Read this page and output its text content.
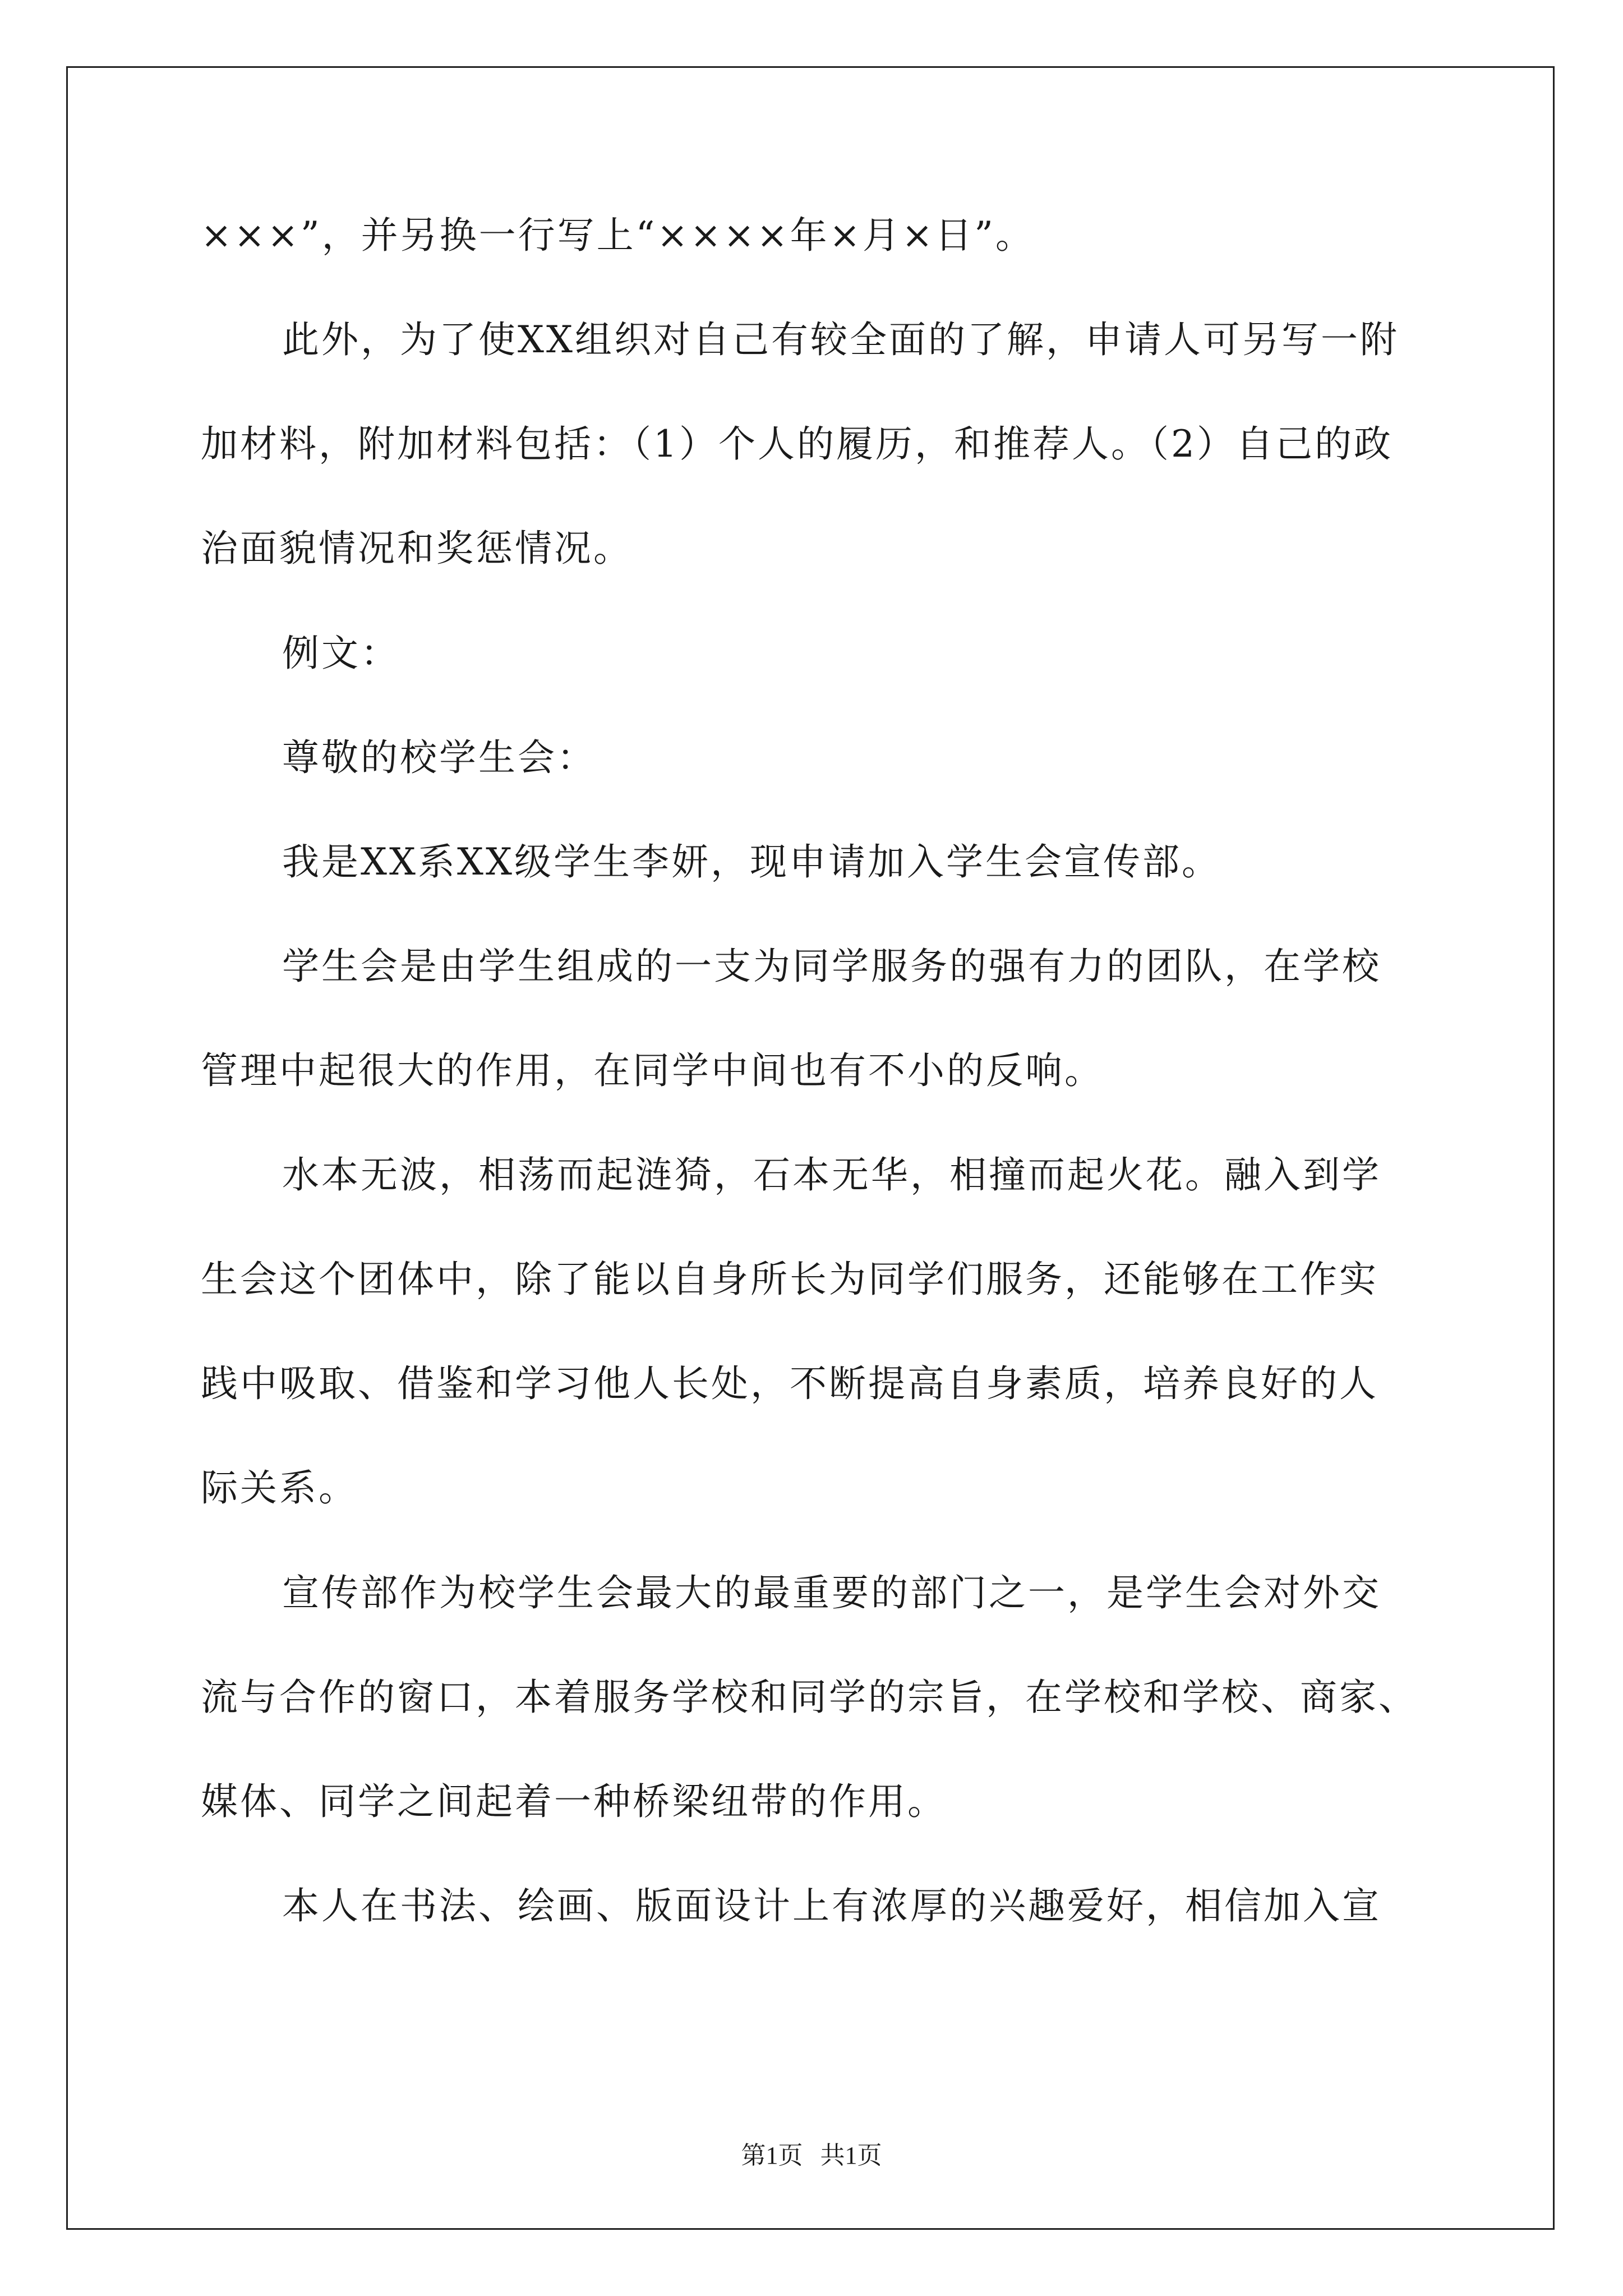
×××”，并另换一行写上“××××年×月×日”。

此外，为了使XX组织对自己有较全面的了解，申请人可另写一附

加材料，附加材料包括：（1）个人的履历，和推荐人。（2）自己的政

治面貌情况和奖惩情况。

例文：

尊敬的校学生会：

我是XX系XX级学生李妍，现申请加入学生会宣传部。

学生会是由学生组成的一支为同学服务的强有力的团队，在学校

管理中起很大的作用，在同学中间也有不小的反响。

水本无波，相荡而起涟猗，石本无华，相撞而起火花。融入到学

生会这个团体中，除了能以自身所长为同学们服务，还能够在工作实

践中吸取、借鉴和学习他人长处，不断提高自身素质，培养良好的人

际关系。

宣传部作为校学生会最大的最重要的部门之一，是学生会对外交

流与合作的窗口，本着服务学校和同学的宗旨，在学校和学校、商家、

媒体、同学之间起着一种桥梁纽带的作用。

本人在书法、绘画、版面设计上有浓厚的兴趣爱好，相信加入宣

第1页 共1页
